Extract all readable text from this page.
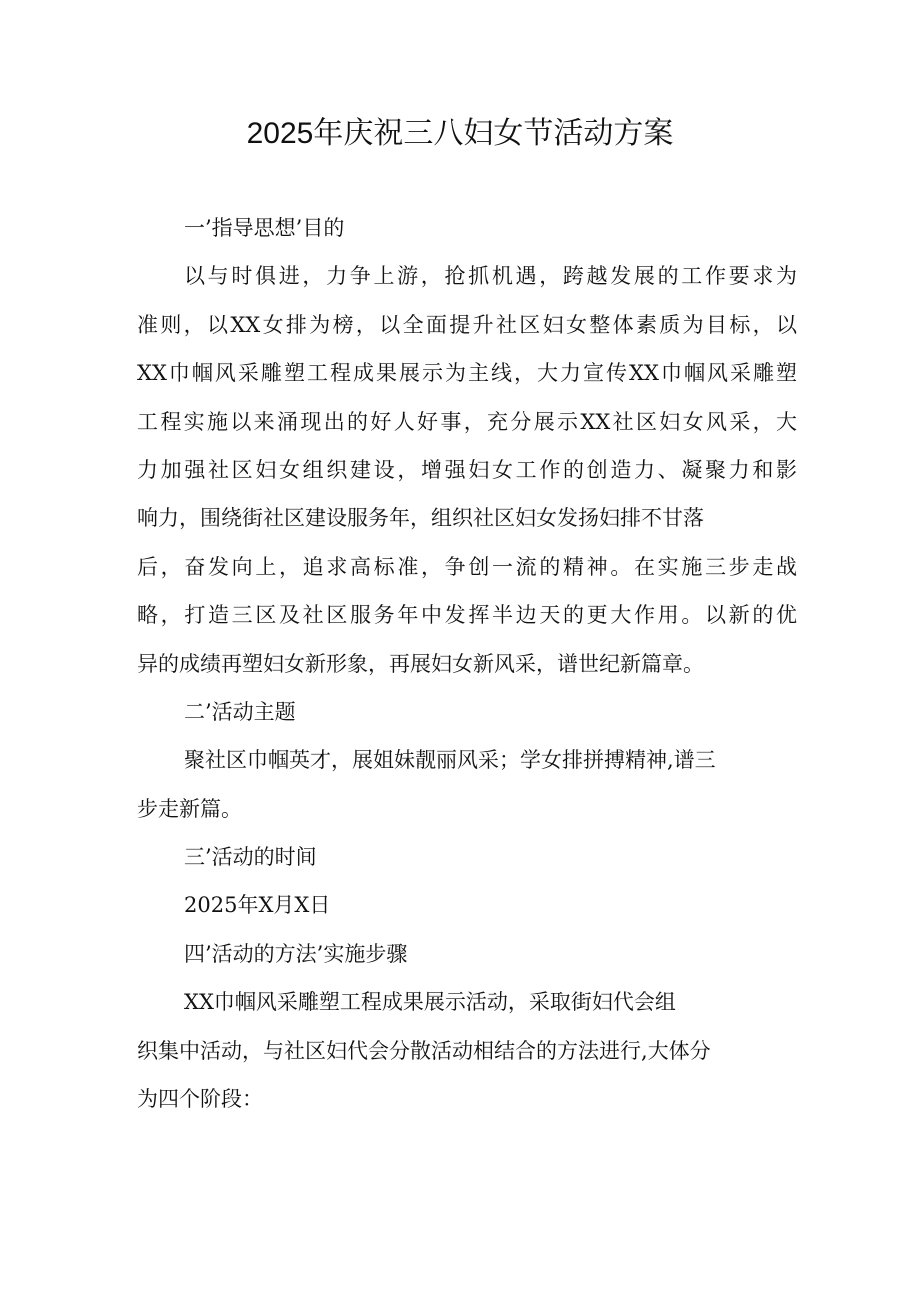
2025年庆祝三八妇女节活动方案
一’指导思想’目的
以与时俱进，力争上游，抢抓机遇，跨越发展的工作要求为
准则，以XX女排为榜，以全面提升社区妇女整体素质为目标，以
XX巾帼风采雕塑工程成果展示为主线，大力宣传XX巾帼风采雕塑
工程实施以来涌现出的好人好事，充分展示XX社区妇女风采，大
力加强社区妇女组织建设，增强妇女工作的创造力、凝聚力和影
响力，围绕街社区建设服务年，组织社区妇女发扬妇排不甘落
后，奋发向上，追求高标准，争创一流的精神。在实施三步走战
略，打造三区及社区服务年中发挥半边天的更大作用。以新的优
异的成绩再塑妇女新形象，再展妇女新风采，谱世纪新篇章。
二’活动主题
聚社区巾帼英才，展姐妹靓丽风采；学女排拼搏精神,谱三
步走新篇。
三’活动的时间
2025年X月X日
四’活动的方法’实施步骤
XX巾帼风采雕塑工程成果展示活动，采取街妇代会组
织集中活动，与社区妇代会分散活动相结合的方法进行,大体分
为四个阶段：
